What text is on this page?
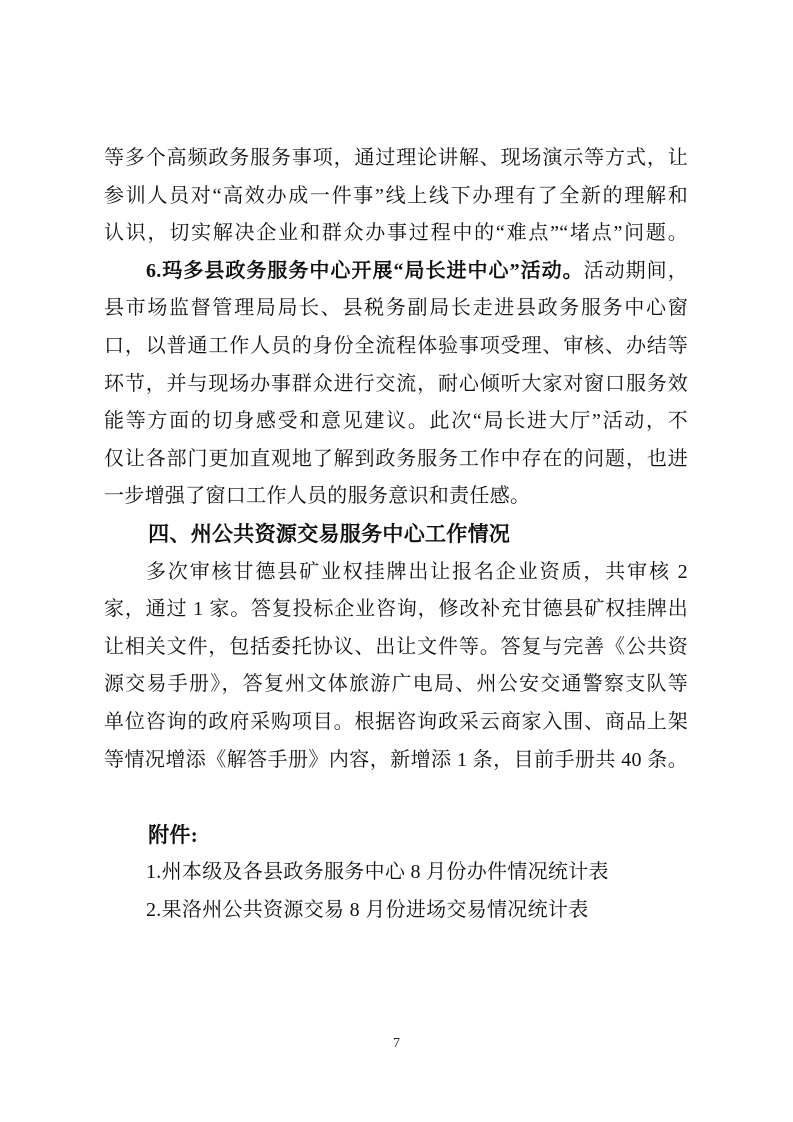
等多个高频政务服务事项，通过理论讲解、现场演示等方式，让
参训人员对“高效办成一件事”线上线下办理有了全新的理解和
认识，切实解决企业和群众办事过程中的“难点”“堵点”问题。
6.玛多县政务服务中心开展“局长进中心”活动。活动期间，
县市场监督管理局局长、县税务副局长走进县政务服务中心窗
口，以普通工作人员的身份全流程体验事项受理、审核、办结等
环节，并与现场办事群众进行交流，耐心倾听大家对窗口服务效
能等方面的切身感受和意见建议。此次“局长进大厅”活动，不
仅让各部门更加直观地了解到政务服务工作中存在的问题，也进
一步增强了窗口工作人员的服务意识和责任感。
四、州公共资源交易服务中心工作情况
多次审核甘德县矿业权挂牌出让报名企业资质，共审核 2
家，通过 1 家。答复投标企业咨询，修改补充甘德县矿权挂牌出
让相关文件，包括委托协议、出让文件等。答复与完善《公共资
源交易手册》，答复州文体旅游广电局、州公安交通警察支队等
单位咨询的政府采购项目。根据咨询政采云商家入围、商品上架
等情况增添《解答手册》内容，新增添 1 条，目前手册共 40 条。
附件:
1.州本级及各县政务服务中心 8 月份办件情况统计表
2.果洛州公共资源交易 8 月份进场交易情况统计表
7
